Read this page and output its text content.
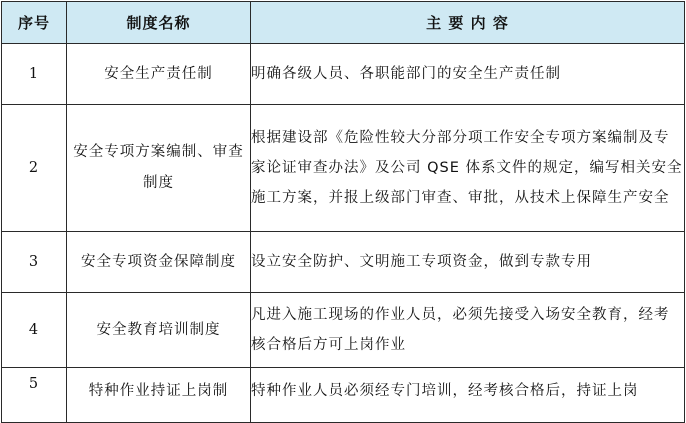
序号	制度名称	主 要 内 容
1	安全生产责任制	明确各级人员、各职能部门的安全生产责任制
2	安全专项方案编制、审查制度	根据建设部《危险性较大分部分项工作安全专项方案编制及专家论证审查办法》及公司 QSE 体系文件的规定，编写相关安全施工方案，并报上级部门审查、审批，从技术上保障生产安全
3	安全专项资金保障制度	设立安全防护、文明施工专项资金，做到专款专用
4	安全教育培训制度	凡进入施工现场的作业人员，必须先接受入场安全教育，经考核合格后方可上岗作业
5	特种作业持证上岗制	特种作业人员必须经专门培训，经考核合格后，持证上岗
